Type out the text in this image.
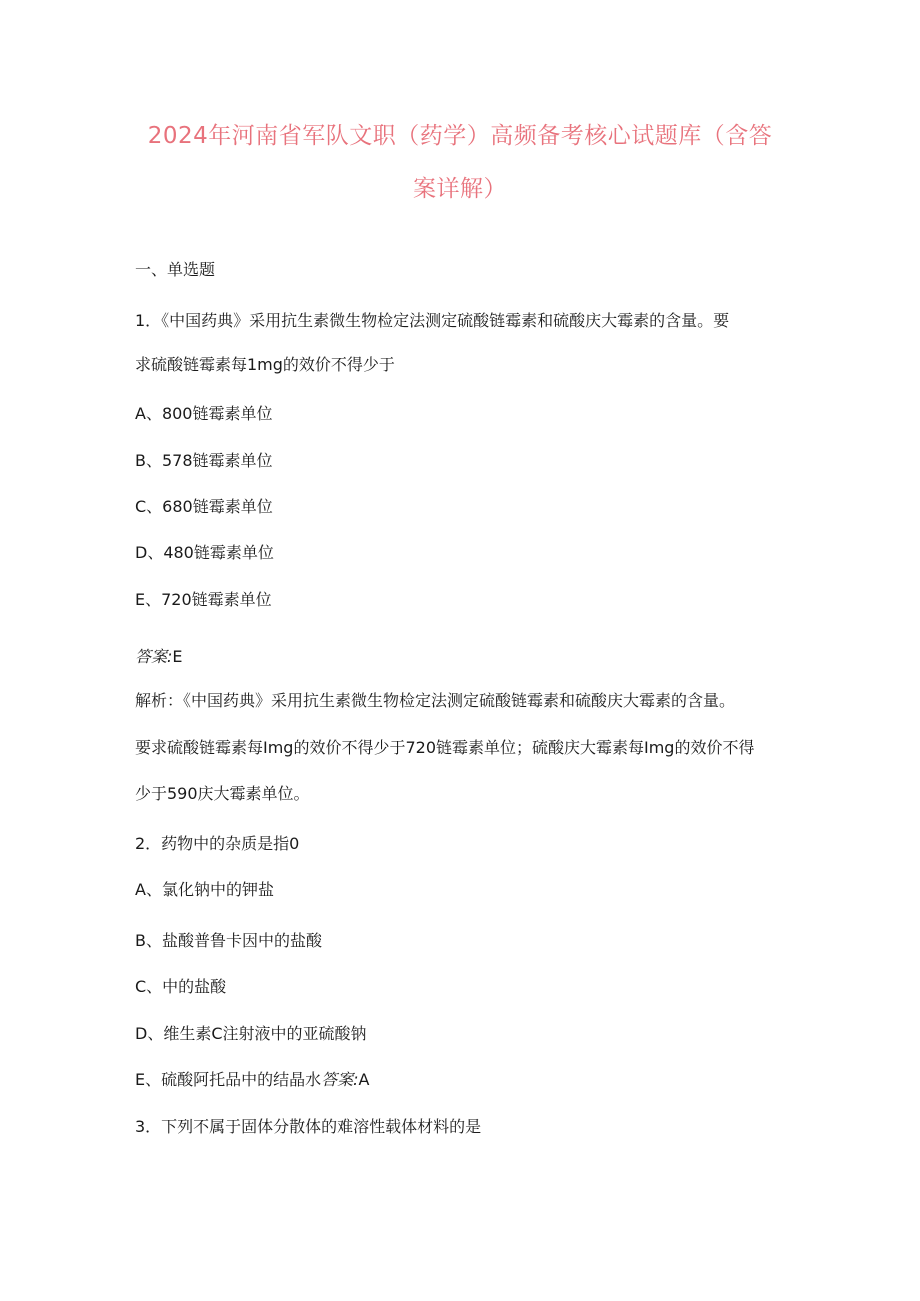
2024年河南省军队文职（药学）高频备考核心试题库（含答
案详解）
一、单选题
1．《中国药典》采用抗生素微生物检定法测定硫酸链霉素和硫酸庆大霉素的含量。要
求硫酸链霉素每1mg的效价不得少于
A、800链霉素单位
B、578链霉素单位
C、680链霉素单位
D、480链霉素单位
E、720链霉素单位
答案:E
解析：《中国药典》采用抗生素微生物检定法测定硫酸链霉素和硫酸庆大霉素的含量。
要求硫酸链霉素每Img的效价不得少于720链霉素单位；硫酸庆大霉素每Img的效价不得
少于590庆大霉素单位。
2．药物中的杂质是指0
A、氯化钠中的钾盐
B、盐酸普鲁卡因中的盐酸
C、中的盐酸
D、维生素C注射液中的亚硫酸钠
E、硫酸阿托品中的结晶水答案:A
3．下列不属于固体分散体的难溶性载体材料的是
